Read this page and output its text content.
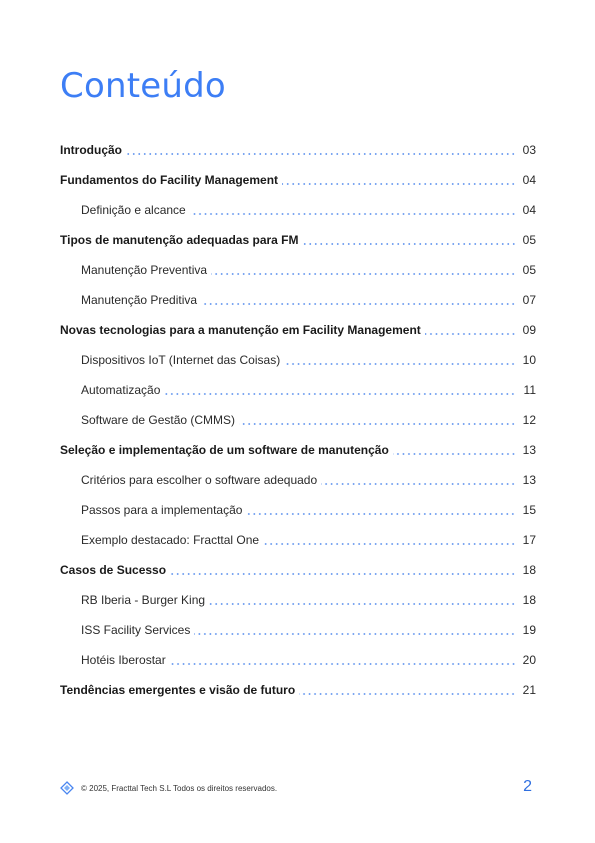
Conteúdo
Introdução	03
Fundamentos do Facility Management	04
Definição e alcance	04
Tipos de manutenção adequadas para FM	05
Manutenção Preventiva	05
Manutenção Preditiva	07
Novas tecnologias para a manutenção em Facility Management	09
Dispositivos IoT (Internet das Coisas)	10
Automatização	11
Software de Gestão (CMMS)	12
Seleção e implementação de um software de manutenção	13
Critérios para escolher o software adequado	13
Passos para a implementação	15
Exemplo destacado: Fracttal One	17
Casos de Sucesso	18
RB Iberia - Burger King	18
ISS Facility Services	19
Hotéis Iberostar	20
Tendências emergentes e visão de futuro	21
© 2025, Fracttal Tech S.L Todos os direitos reservados.	2
